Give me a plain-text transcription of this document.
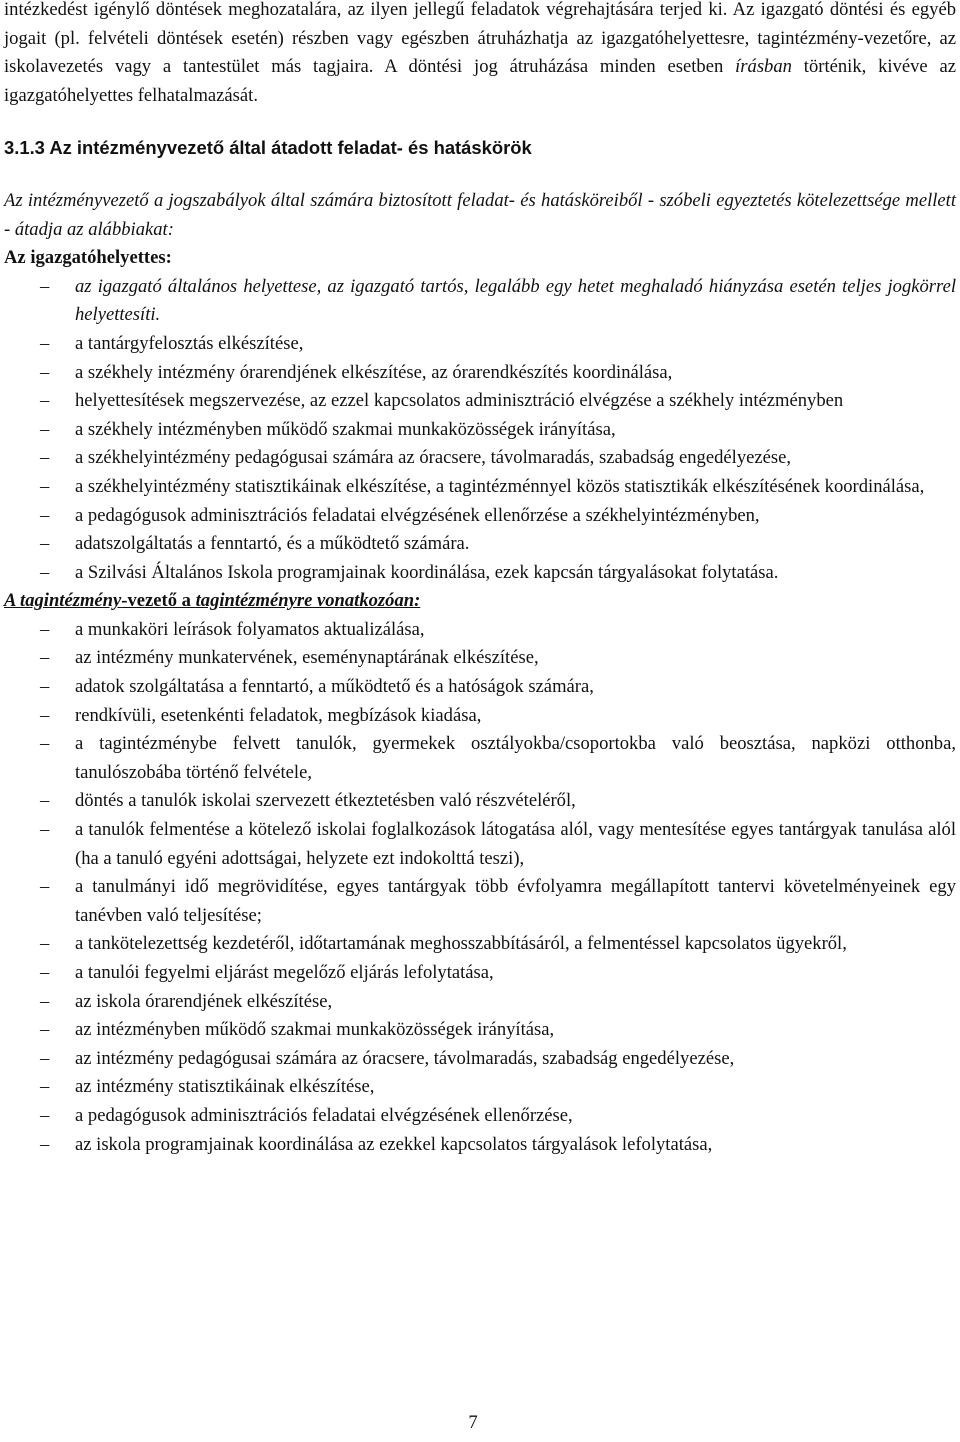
intézkedést igénylő döntések meghozatalára, az ilyen jellegű feladatok végrehajtására terjed ki. Az igazgató döntési és egyéb jogait (pl. felvételi döntések esetén) részben vagy egészben átruházhatja az igazgatóhelyettesre, tagintézmény-vezetőre, az iskolavezetés vagy a tantestület más tagjaira. A döntési jog átruházása minden esetben írásban történik, kivéve az igazgatóhelyettes felhatalmazását.

3.1.3 Az intézményvezető által átadott feladat- és hatáskörök

Az intézményvezető a jogszabályok által számára biztosított feladat- és hatásköreiből - szóbeli egyeztetés kötelezettsége mellett - átadja az alábbiakat:

Az igazgatóhelyettes:

– az igazgató általános helyettese, az igazgató tartós, legalább egy hetet meghaladó hiányzása esetén teljes jogkörrel helyettesíti.
– a tantárgyfelosztás elkészítése,
– a székhely intézmény órarendjének elkészítése, az órarendkészítés koordinálása,
– helyettesítések megszervezése, az ezzel kapcsolatos adminisztráció elvégzése a székhely intézményben
– a székhely intézményben működő szakmai munkaközösségek irányítása,
– a székhelyintézmény pedagógusai számára az óracsere, távolmaradás, szabadság engedélyezése,
– a székhelyintézmény statisztikáinak elkészítése, a tagintézménnyel közös statisztikák elkészítésének koordinálása,
– a pedagógusok adminisztrációs feladatai elvégzésének ellenőrzése a székhelyintézményben,
– adatszolgáltatás a fenntartó, és a működtető számára.
– a Szilvási Általános Iskola programjainak koordinálása, ezek kapcsán tárgyalásokat folytatása.

A tagintézmény-vezető a tagintézményre vonatkozóan:

– a munkaköri leírások folyamatos aktualizálása,
– az intézmény munkatervének, eseménynaptárának elkészítése,
– adatok szolgáltatása a fenntartó, a működtető és a hatóságok számára,
– rendkívüli, esetenkénti feladatok, megbízások kiadása,
– a tagintézménybe felvett tanulók, gyermekek osztályokba/csoportokba való beosztása, napközi otthonba, tanulószobába történő felvétele,
– döntés a tanulók iskolai szervezett étkeztetésben való részvételéről,
– a tanulók felmentése a kötelező iskolai foglalkozások látogatása alól, vagy mentesítése egyes tantárgyak tanulása alól (ha a tanuló egyéni adottságai, helyzete ezt indokolttá teszi),
– a tanulmányi idő megrövidítése, egyes tantárgyak több évfolyamra megállapított tantervi követelményeinek egy tanévben való teljesítése;
– a tankötelezettség kezdetéről, időtartamának meghosszabbításáról, a felmentéssel kapcsolatos ügyekről,
– a tanulói fegyelmi eljárást megelőző eljárás lefolytatása,
– az iskola órarendjének elkészítése,
– az intézményben működő szakmai munkaközösségek irányítása,
– az intézmény pedagógusai számára az óracsere, távolmaradás, szabadság engedélyezése,
– az intézmény statisztikáinak elkészítése,
– a pedagógusok adminisztrációs feladatai elvégzésének ellenőrzése,
– az iskola programjainak koordinálása az ezekkel kapcsolatos tárgyalások lefolytatása,
7
